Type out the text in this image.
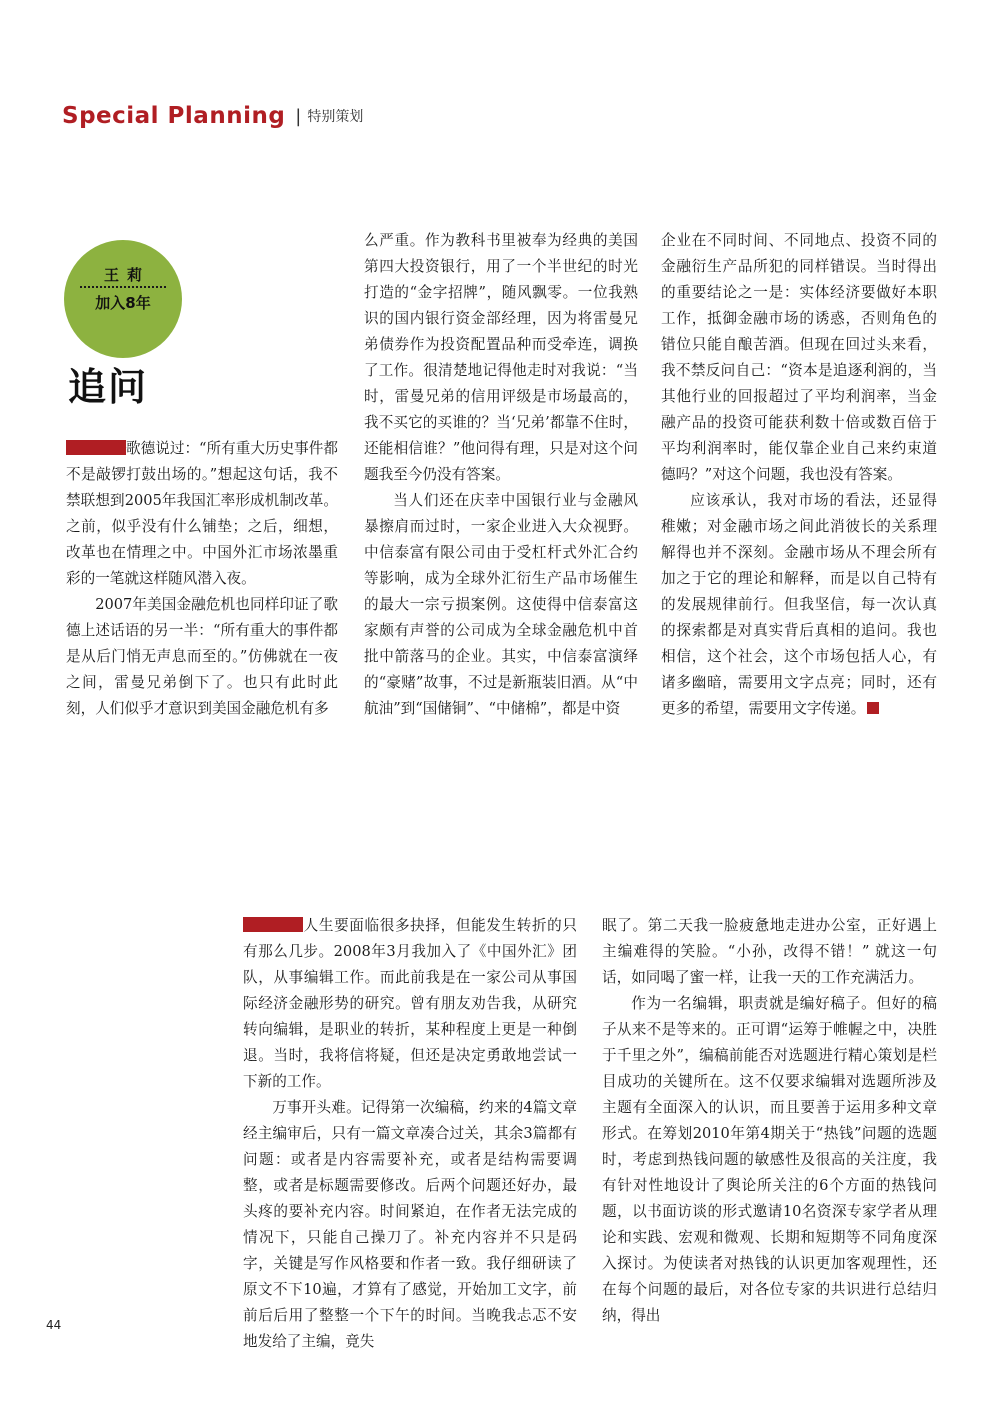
Special Planning | 特别策划
王莉
加入8年
追问

歌德说过：“所有重大历史事件都不是敲锣打鼓出场的。”想起这句话，我不禁联想到2005年我国汇率形成机制改革。之前，似乎没有什么铺垫；之后，细想，改革也在情理之中。中国外汇市场浓墨重彩的一笔就这样随风潜入夜。

2007年美国金融危机也同样印证了歌德上述话语的另一半：“所有重大的事件都是从后门悄无声息而至的。”仿佛就在一夜之间，雷曼兄弟倒下了。也只有此时此刻，人们似乎才意识到美国金融危机有多

么严重。作为教科书里被奉为经典的美国第四大投资银行，用了一个半世纪的时光打造的“金字招牌”，随风飘零。一位我熟识的国内银行资金部经理，因为将雷曼兄弟债券作为投资配置品种而受牵连，调换了工作。很清楚地记得他走时对我说：“当时，雷曼兄弟的信用评级是市场最高的，我不买它的买谁的？当‘兄弟’都靠不住时，还能相信谁？”他问得有理，只是对这个问题我至今仍没有答案。

当人们还在庆幸中国银行业与金融风暴擦肩而过时，一家企业进入大众视野。中信泰富有限公司由于受杠杆式外汇合约等影响，成为全球外汇衍生产品市场催生的最大一宗亏损案例。这使得中信泰富这家颇有声誉的公司成为全球金融危机中首批中箭落马的企业。其实，中信泰富演绎的“豪赌”故事，不过是新瓶装旧酒。从“中航油”到“国储铜”、“中储棉”，都是中资

企业在不同时间、不同地点、投资不同的金融衍生产品所犯的同样错误。当时得出的重要结论之一是：实体经济要做好本职工作，抵御金融市场的诱惑，否则角色的错位只能自酿苦酒。但现在回过头来看，我不禁反问自己：“资本是追逐利润的，当其他行业的回报超过了平均利润率，当金融产品的投资可能获利数十倍或数百倍于平均利润率时，能仅靠企业自己来约束道德吗？”对这个问题，我也没有答案。

应该承认，我对市场的看法，还显得稚嫩；对金融市场之间此消彼长的关系理解得也并不深刻。金融市场从不理会所有加之于它的理论和解释，而是以自己特有的发展规律前行。但我坚信，每一次认真的探索都是对真实背后真相的追问。我也相信，这个社会，这个市场包括人心，有诸多幽暗，需要用文字点亮；同时，还有更多的希望，需要用文字传递。

人生要面临很多抉择，但能发生转折的只有那么几步。2008年3月我加入了《中国外汇》团队，从事编辑工作。而此前我是在一家公司从事国际经济金融形势的研究。曾有朋友劝告我，从研究转向编辑，是职业的转折，某种程度上更是一种倒退。当时，我将信将疑，但还是决定勇敢地尝试一下新的工作。

万事开头难。记得第一次编稿，约来的4篇文章经主编审后，只有一篇文章凑合过关，其余3篇都有问题：或者是内容需要补充，或者是结构需要调整，或者是标题需要修改。后两个问题还好办，最头疼的要补充内容。时间紧迫，在作者无法完成的情况下，只能自己操刀了。补充内容并不只是码字，关键是写作风格要和作者一致。我仔细研读了原文不下10遍，才算有了感觉，开始加工文字，前前后后用了整整一个下午的时间。当晚我忐忑不安地发给了主编，竟失

眠了。第二天我一脸疲惫地走进办公室，正好遇上主编难得的笑脸。“小孙，改得不错！” 就这一句话，如同喝了蜜一样，让我一天的工作充满活力。

作为一名编辑，职责就是编好稿子。但好的稿子从来不是等来的。正可谓“运筹于帷幄之中，决胜于千里之外”，编稿前能否对选题进行精心策划是栏目成功的关键所在。这不仅要求编辑对选题所涉及主题有全面深入的认识，而且要善于运用多种文章形式。在筹划2010年第4期关于“热钱”问题的选题时，考虑到热钱问题的敏感性及很高的关注度，我有针对性地设计了舆论所关注的6个方面的热钱问题，以书面访谈的形式邀请10名资深专家学者从理论和实践、宏观和微观、长期和短期等不同角度深入探讨。为使读者对热钱的认识更加客观理性，还在每个问题的最后，对各位专家的共识进行总结归纳，得出

44
